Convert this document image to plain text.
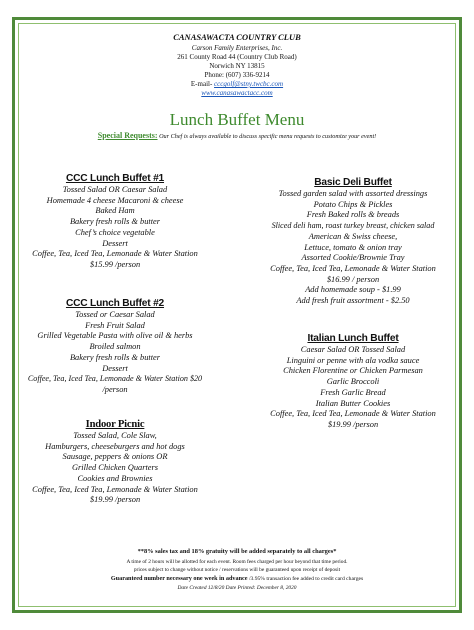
CANASAWACTA COUNTRY CLUB
Carson Family Enterprises, Inc.
261 County Road 44 (Country Club Road)
Norwich NY 13815
Phone: (607) 336-9214
E-mail- cccgolf@stny.twcbc.com
www.canasawactacc.com
Lunch Buffet Menu
Special Requests: Our Chef is always available to discuss specific menu requests to customize your event!
CCC Lunch Buffet #1
Tossed Salad OR Caesar Salad
Homemade 4 cheese Macaroni & cheese
Baked Ham
Bakery fresh rolls & butter
Chef’s choice vegetable
Dessert
Coffee, Tea, Iced Tea, Lemonade & Water Station
$15.99 /person
CCC Lunch Buffet #2
Tossed or Caesar Salad
Fresh Fruit Salad
Grilled Vegetable Pasta with olive oil & herbs
Broiled salmon
Bakery fresh rolls & butter
Dessert
Coffee, Tea, Iced Tea, Lemonade & Water Station $20
/person
Indoor Picnic
Tossed Salad, Cole Slaw,
Hamburgers, cheeseburgers and hot dogs
Sausage, peppers & onions OR
Grilled Chicken Quarters
Cookies and Brownies
Coffee, Tea, Iced Tea, Lemonade & Water Station
$19.99 /person
Basic Deli Buffet
Tossed garden salad with assorted dressings
Potato Chips & Pickles
Fresh Baked rolls & breads
Sliced deli ham, roast turkey breast, chicken salad
American & Swiss cheese,
Lettuce, tomato & onion tray
Assorted Cookie/Brownie Tray
Coffee, Tea, Iced Tea, Lemonade & Water Station
$16.99 / person
Add homemade soup - $1.99
Add fresh fruit assortment - $2.50
Italian Lunch Buffet
Caesar Salad OR Tossed Salad
Linguini or penne with ala vodka sauce
Chicken Florentine or Chicken Parmesan
Garlic Broccoli
Fresh Garlic Bread
Italian Butter Cookies
Coffee, Tea, Iced Tea, Lemonade & Water Station
$19.99 /person
**8% sales tax and 18% gratuity will be added separately to all charges*
A time of 2 hours will be allotted for each event. Room fees charged per hour beyond that time period.
prices subject to change without notice / reservations will be guaranteed upon receipt of deposit
Guaranteed number necessary one week in advance /3.95% transaction fee added to credit card charges
Date Created 12/8/20 Date Printed: December 8, 2020
